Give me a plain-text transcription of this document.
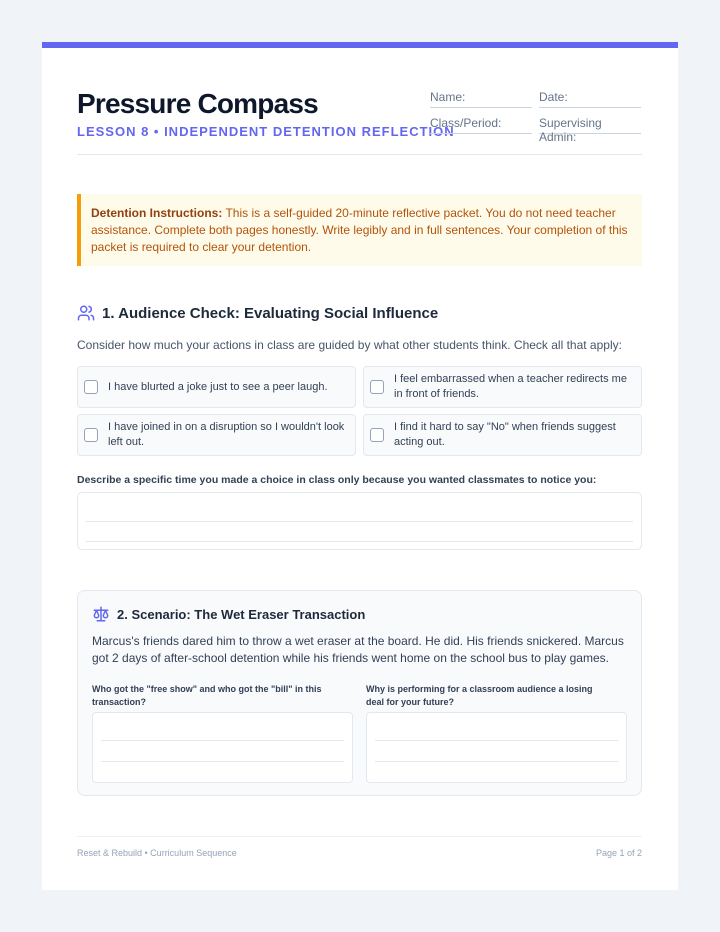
Pressure Compass
LESSON 8 • INDEPENDENT DETENTION REFLECTION
Name:	Date:
Class/Period:	Supervising Admin:
Detention Instructions: This is a self-guided 20-minute reflective packet. You do not need teacher assistance. Complete both pages honestly. Write legibly and in full sentences. Your completion of this packet is required to clear your detention.
1. Audience Check: Evaluating Social Influence
Consider how much your actions in class are guided by what other students think. Check all that apply:
I have blurted a joke just to see a peer laugh.
I feel embarrassed when a teacher redirects me in front of friends.
I have joined in on a disruption so I wouldn't look left out.
I find it hard to say "No" when friends suggest acting out.
Describe a specific time you made a choice in class only because you wanted classmates to notice you:
2. Scenario: The Wet Eraser Transaction
Marcus's friends dared him to throw a wet eraser at the board. He did. His friends snickered. Marcus got 2 days of after-school detention while his friends went home on the school bus to play games.
Who got the "free show" and who got the "bill" in this transaction?
Why is performing for a classroom audience a losing deal for your future?
Reset & Rebuild • Curriculum Sequence	Page 1 of 2
